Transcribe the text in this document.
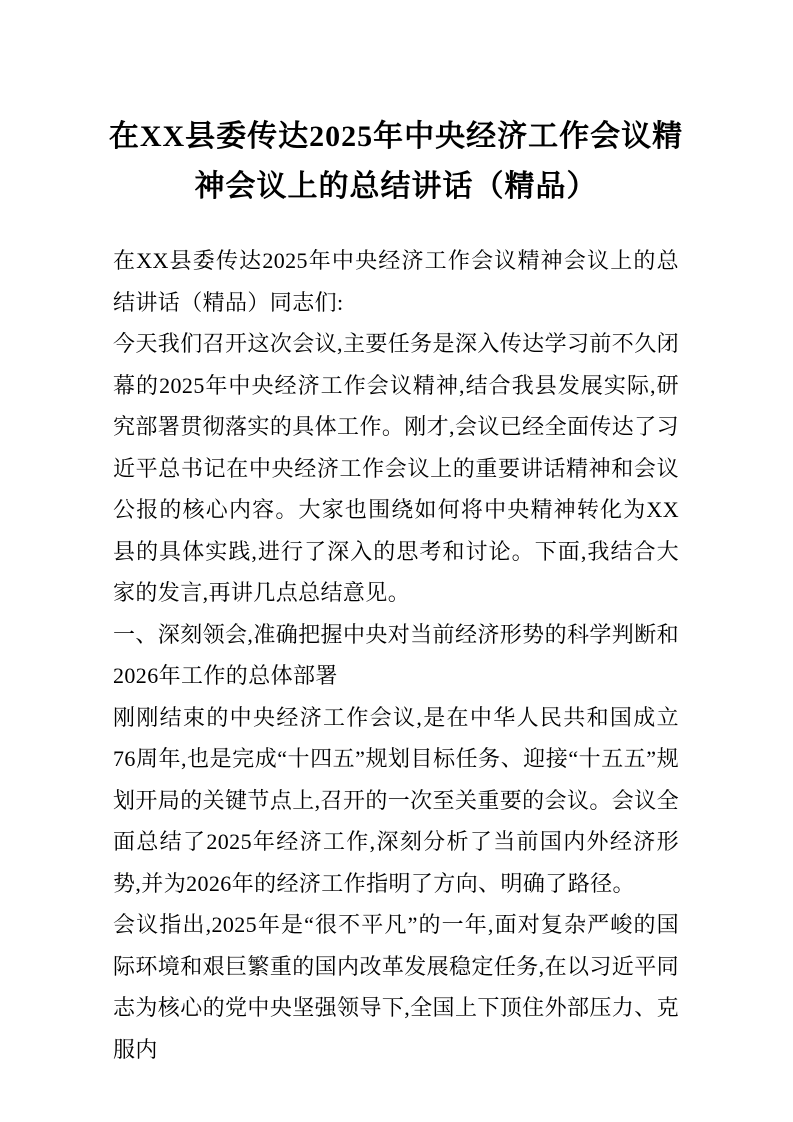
在XX县委传达2025年中央经济工作会议精
神会议上的总结讲话（精品）

在XX县委传达2025年中央经济工作会议精神会议上的总结讲话（精品）同志们:

今天我们召开这次会议,主要任务是深入传达学习前不久闭幕的2025年中央经济工作会议精神,结合我县发展实际,研究部署贯彻落实的具体工作。刚才,会议已经全面传达了习近平总书记在中央经济工作会议上的重要讲话精神和会议公报的核心内容。大家也围绕如何将中央精神转化为XX县的具体实践,进行了深入的思考和讨论。下面,我结合大家的发言,再讲几点总结意见。

一、深刻领会,准确把握中央对当前经济形势的科学判断和2026年工作的总体部署

刚刚结束的中央经济工作会议,是在中华人民共和国成立76周年,也是完成“十四五”规划目标任务、迎接“十五五”规划开局的关键节点上,召开的一次至关重要的会议。会议全面总结了2025年经济工作,深刻分析了当前国内外经济形势,并为2026年的经济工作指明了方向、明确了路径。

会议指出,2025年是“很不平凡”的一年,面对复杂严峻的国际环境和艰巨繁重的国内改革发展稳定任务,在以习近平同志为核心的党中央坚强领导下,全国上下顶住外部压力、克服内
